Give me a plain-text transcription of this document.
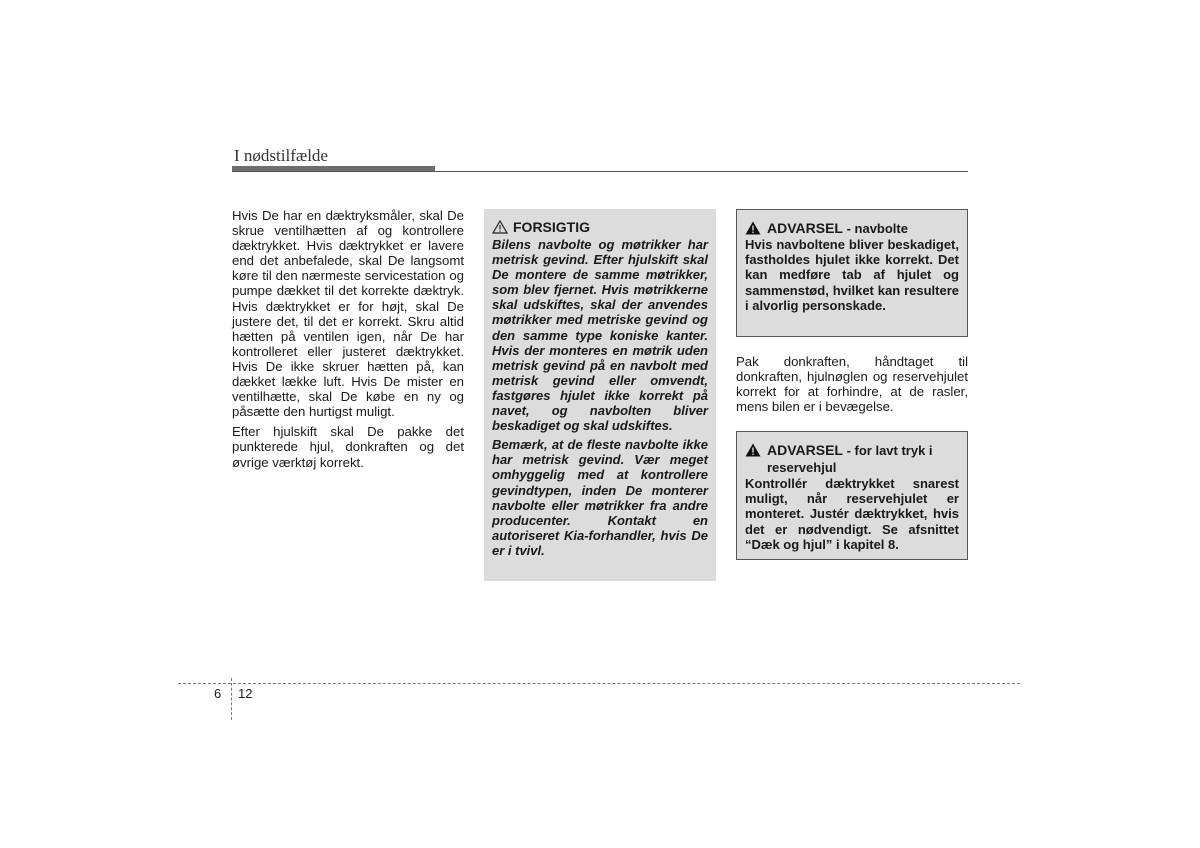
I nødstilfælde

Hvis De har en dæktryksmåler, skal De skrue ventilhætten af og kontrollere dæktrykket. Hvis dæktrykket er lavere end det anbefalede, skal De langsomt køre til den nærmeste servicestation og pumpe dækket til det korrekte dæktryk. Hvis dæktrykket er for højt, skal De justere det, til det er korrekt. Skru altid hætten på ventilen igen, når De har kontrolleret eller justeret dæktrykket. Hvis De ikke skruer hætten på, kan dækket lække luft. Hvis De mister en ventilhætte, skal De købe en ny og påsætte den hurtigst muligt.

Efter hjulskift skal De pakke det punkterede hjul, donkraften og det øvrige værktøj korrekt.

FORSIGTIG

Bilens navbolte og møtrikker har metrisk gevind. Efter hjulskift skal De montere de samme møtrikker, som blev fjernet. Hvis møtrikkerne skal udskiftes, skal der anvendes møtrikker med metriske gevind og den samme type koniske kanter. Hvis der monteres en møtrik uden metrisk gevind på en navbolt med metrisk gevind eller omvendt, fastgøres hjulet ikke korrekt på navet, og navbolten bliver beskadiget og skal udskiftes.

Bemærk, at de fleste navbolte ikke har metrisk gevind. Vær meget omhyggelig med at kontrollere gevindtypen, inden De monterer navbolte eller møtrikker fra andre producenter. Kontakt en autoriseret Kia-forhandler, hvis De er i tvivl.

ADVARSEL - navbolte

Hvis navboltene bliver beskadiget, fastholdes hjulet ikke korrekt. Det kan medføre tab af hjulet og sammenstød, hvilket kan resultere i alvorlig personskade.

Pak donkraften, håndtaget til donkraften, hjulnøglen og reservehjulet korrekt for at forhindre, at de rasler, mens bilen er i bevægelse.

ADVARSEL - for lavt tryk i reservehjul

Kontrollér dæktrykket snarest muligt, når reservehjulet er monteret. Justér dæktrykket, hvis det er nødvendigt. Se afsnittet “Dæk og hjul” i kapitel 8.

6 12
